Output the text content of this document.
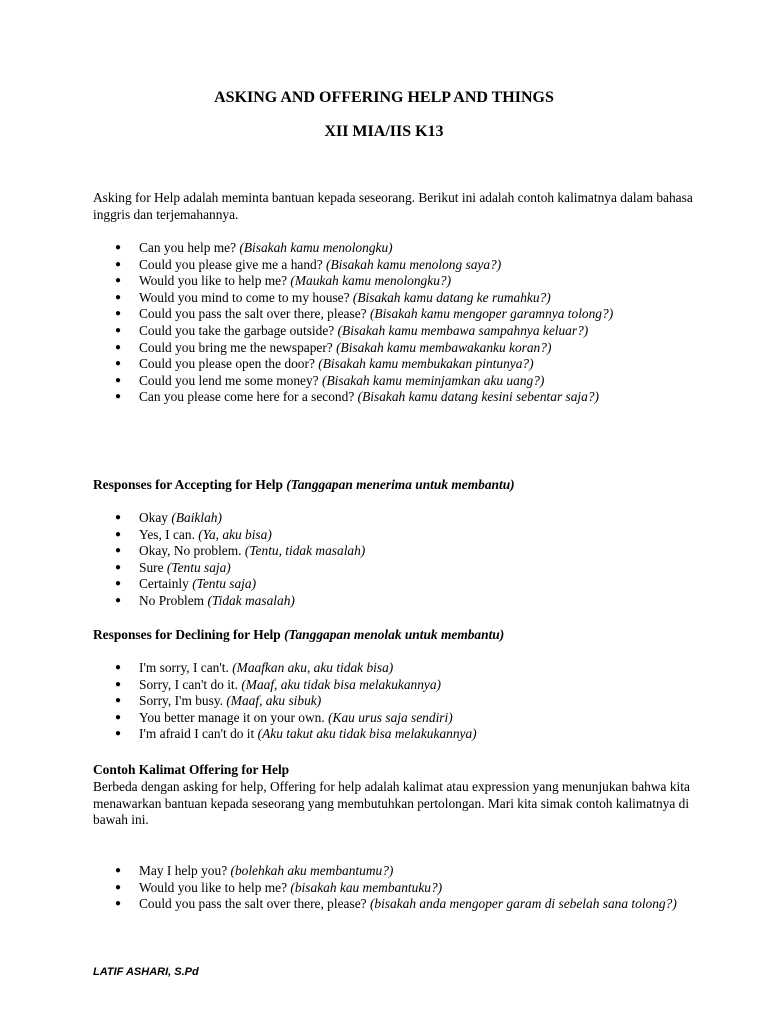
ASKING AND OFFERING HELP AND THINGS
XII MIA/IIS K13

Asking for Help adalah meminta bantuan kepada seseorang. Berikut ini adalah contoh kalimatnya dalam bahasa inggris dan terjemahannya.

● Can you help me? (Bisakah kamu menolongku)
● Could you please give me a hand? (Bisakah kamu menolong saya?)
● Would you like to help me? (Maukah kamu menolongku?)
● Would you mind to come to my house? (Bisakah kamu datang ke rumahku?)
● Could you pass the salt over there, please? (Bisakah kamu mengoper garamnya tolong?)
● Could you take the garbage outside? (Bisakah kamu membawa sampahnya keluar?)
● Could you bring me the newspaper? (Bisakah kamu membawakanku koran?)
● Could you please open the door? (Bisakah kamu membukakan pintunya?)
● Could you lend me some money? (Bisakah kamu meminjamkan aku uang?)
● Can you please come here for a second? (Bisakah kamu datang kesini sebentar saja?)

Responses for Accepting for Help (Tanggapan menerima untuk membantu)

● Okay (Baiklah)
● Yes, I can. (Ya, aku bisa)
● Okay, No problem. (Tentu, tidak masalah)
● Sure (Tentu saja)
● Certainly (Tentu saja)
● No Problem (Tidak masalah)

Responses for Declining for Help (Tanggapan menolak untuk membantu)

● I'm sorry, I can't. (Maafkan aku, aku tidak bisa)
● Sorry, I can't do it. (Maaf, aku tidak bisa melakukannya)
● Sorry, I'm busy. (Maaf, aku sibuk)
● You better manage it on your own. (Kau urus saja sendiri)
● I'm afraid I can't do it (Aku takut aku tidak bisa melakukannya)

Contoh Kalimat Offering for Help

Berbeda dengan asking for help, Offering for help adalah kalimat atau expression yang menunjukan bahwa kita menawarkan bantuan kepada seseorang yang membutuhkan pertolongan. Mari kita simak contoh kalimatnya di bawah ini.

● May I help you? (bolehkah aku membantumu?)
● Would you like to help me? (bisakah kau membantuku?)
● Could you pass the salt over there, please? (bisakah anda mengoper garam di sebelah sana tolong?)
LATIF ASHARI, S.Pd
